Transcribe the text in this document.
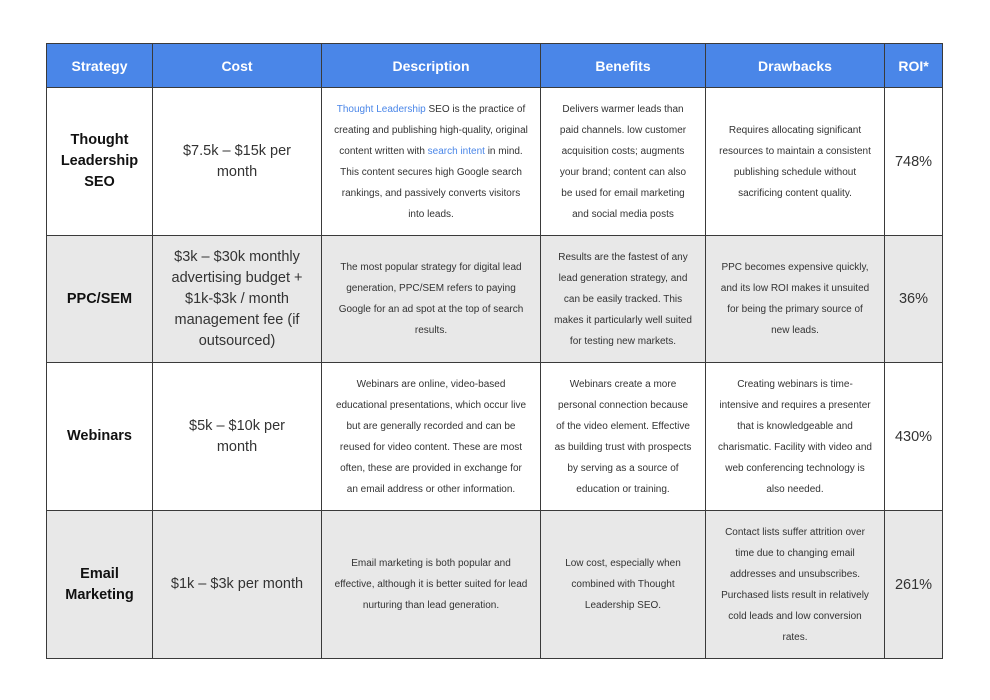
Strategy	Cost	Description	Benefits	Drawbacks	ROI*
Thought Leadership SEO	$7.5k – $15k per month	Thought Leadership SEO is the practice of creating and publishing high-quality, original content written with search intent in mind. This content secures high Google search rankings, and passively converts visitors into leads.	Delivers warmer leads than paid channels. low customer acquisition costs; augments your brand; content can also be used for email marketing and social media posts	Requires allocating significant resources to maintain a consistent publishing schedule without sacrificing content quality.	748%
PPC/SEM	$3k – $30k monthly advertising budget + $1k-$3k / month management fee (if outsourced)	The most popular strategy for digital lead generation, PPC/SEM refers to paying Google for an ad spot at the top of search results.	Results are the fastest of any lead generation strategy, and can be easily tracked. This makes it particularly well suited for testing new markets.	PPC becomes expensive quickly, and its low ROI makes it unsuited for being the primary source of new leads.	36%
Webinars	$5k – $10k per month	Webinars are online, video-based educational presentations, which occur live but are generally recorded and can be reused for video content. These are most often, these are provided in exchange for an email address or other information.	Webinars create a more personal connection because of the video element. Effective as building trust with prospects by serving as a source of education or training.	Creating webinars is time-intensive and requires a presenter that is knowledgeable and charismatic. Facility with video and web conferencing technology is also needed.	430%
Email Marketing	$1k – $3k per month	Email marketing is both popular and effective, although it is better suited for lead nurturing than lead generation.	Low cost, especially when combined with Thought Leadership SEO.	Contact lists suffer attrition over time due to changing email addresses and unsubscribes. Purchased lists result in relatively cold leads and low conversion rates.	261%
